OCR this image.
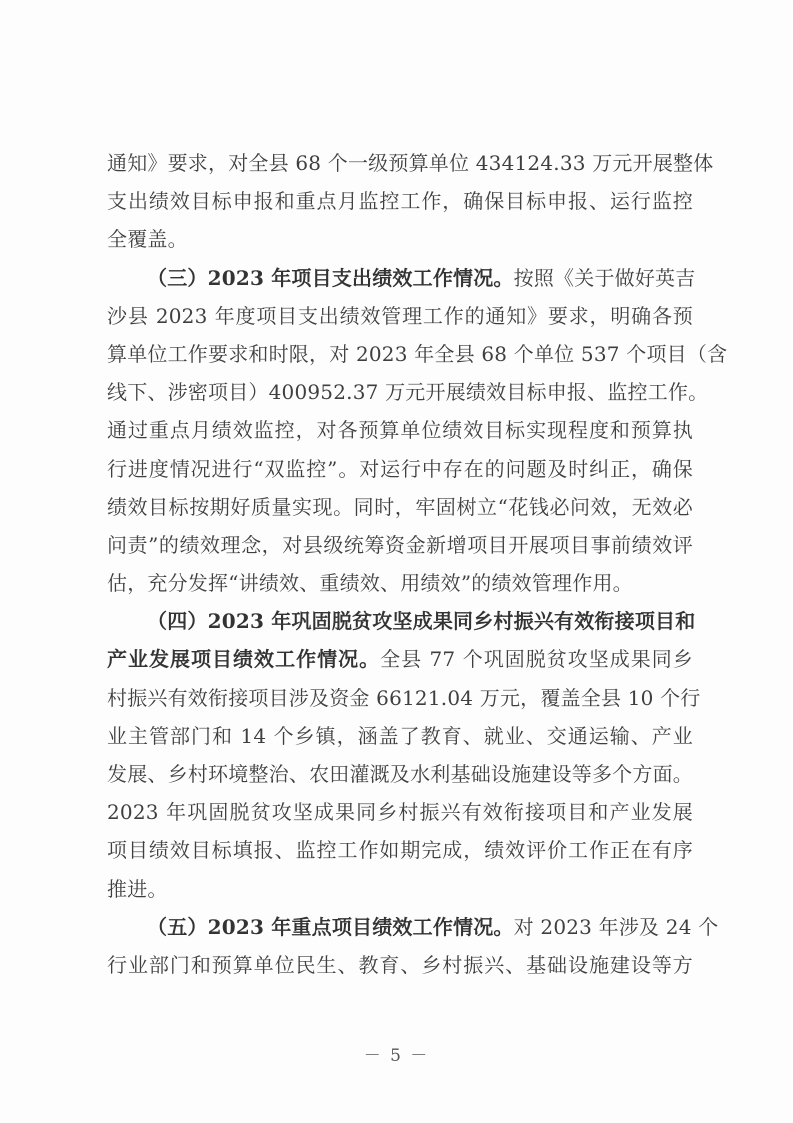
通知》要求，对全县 68 个一级预算单位 434124.33 万元开展整体
支出绩效目标申报和重点月监控工作，确保目标申报、运行监控
全覆盖。
（三）2023 年项目支出绩效工作情况。按照《关于做好英吉
沙县 2023 年度项目支出绩效管理工作的通知》要求，明确各预
算单位工作要求和时限，对 2023 年全县 68 个单位 537 个项目（含
线下、涉密项目）400952.37 万元开展绩效目标申报、监控工作。
通过重点月绩效监控，对各预算单位绩效目标实现程度和预算执
行进度情况进行“双监控”。对运行中存在的问题及时纠正，确保
绩效目标按期好质量实现。同时，牢固树立“花钱必问效，无效必
问责”的绩效理念，对县级统筹资金新增项目开展项目事前绩效评
估，充分发挥“讲绩效、重绩效、用绩效”的绩效管理作用。
（四）2023 年巩固脱贫攻坚成果同乡村振兴有效衔接项目和
产业发展项目绩效工作情况。全县 77 个巩固脱贫攻坚成果同乡
村振兴有效衔接项目涉及资金 66121.04 万元，覆盖全县 10 个行
业主管部门和 14 个乡镇，涵盖了教育、就业、交通运输、产业
发展、乡村环境整治、农田灌溉及水利基础设施建设等多个方面。
2023 年巩固脱贫攻坚成果同乡村振兴有效衔接项目和产业发展
项目绩效目标填报、监控工作如期完成，绩效评价工作正在有序
推进。
（五）2023 年重点项目绩效工作情况。对 2023 年涉及 24 个
行业部门和预算单位民生、教育、乡村振兴、基础设施建设等方
－ 5 －
